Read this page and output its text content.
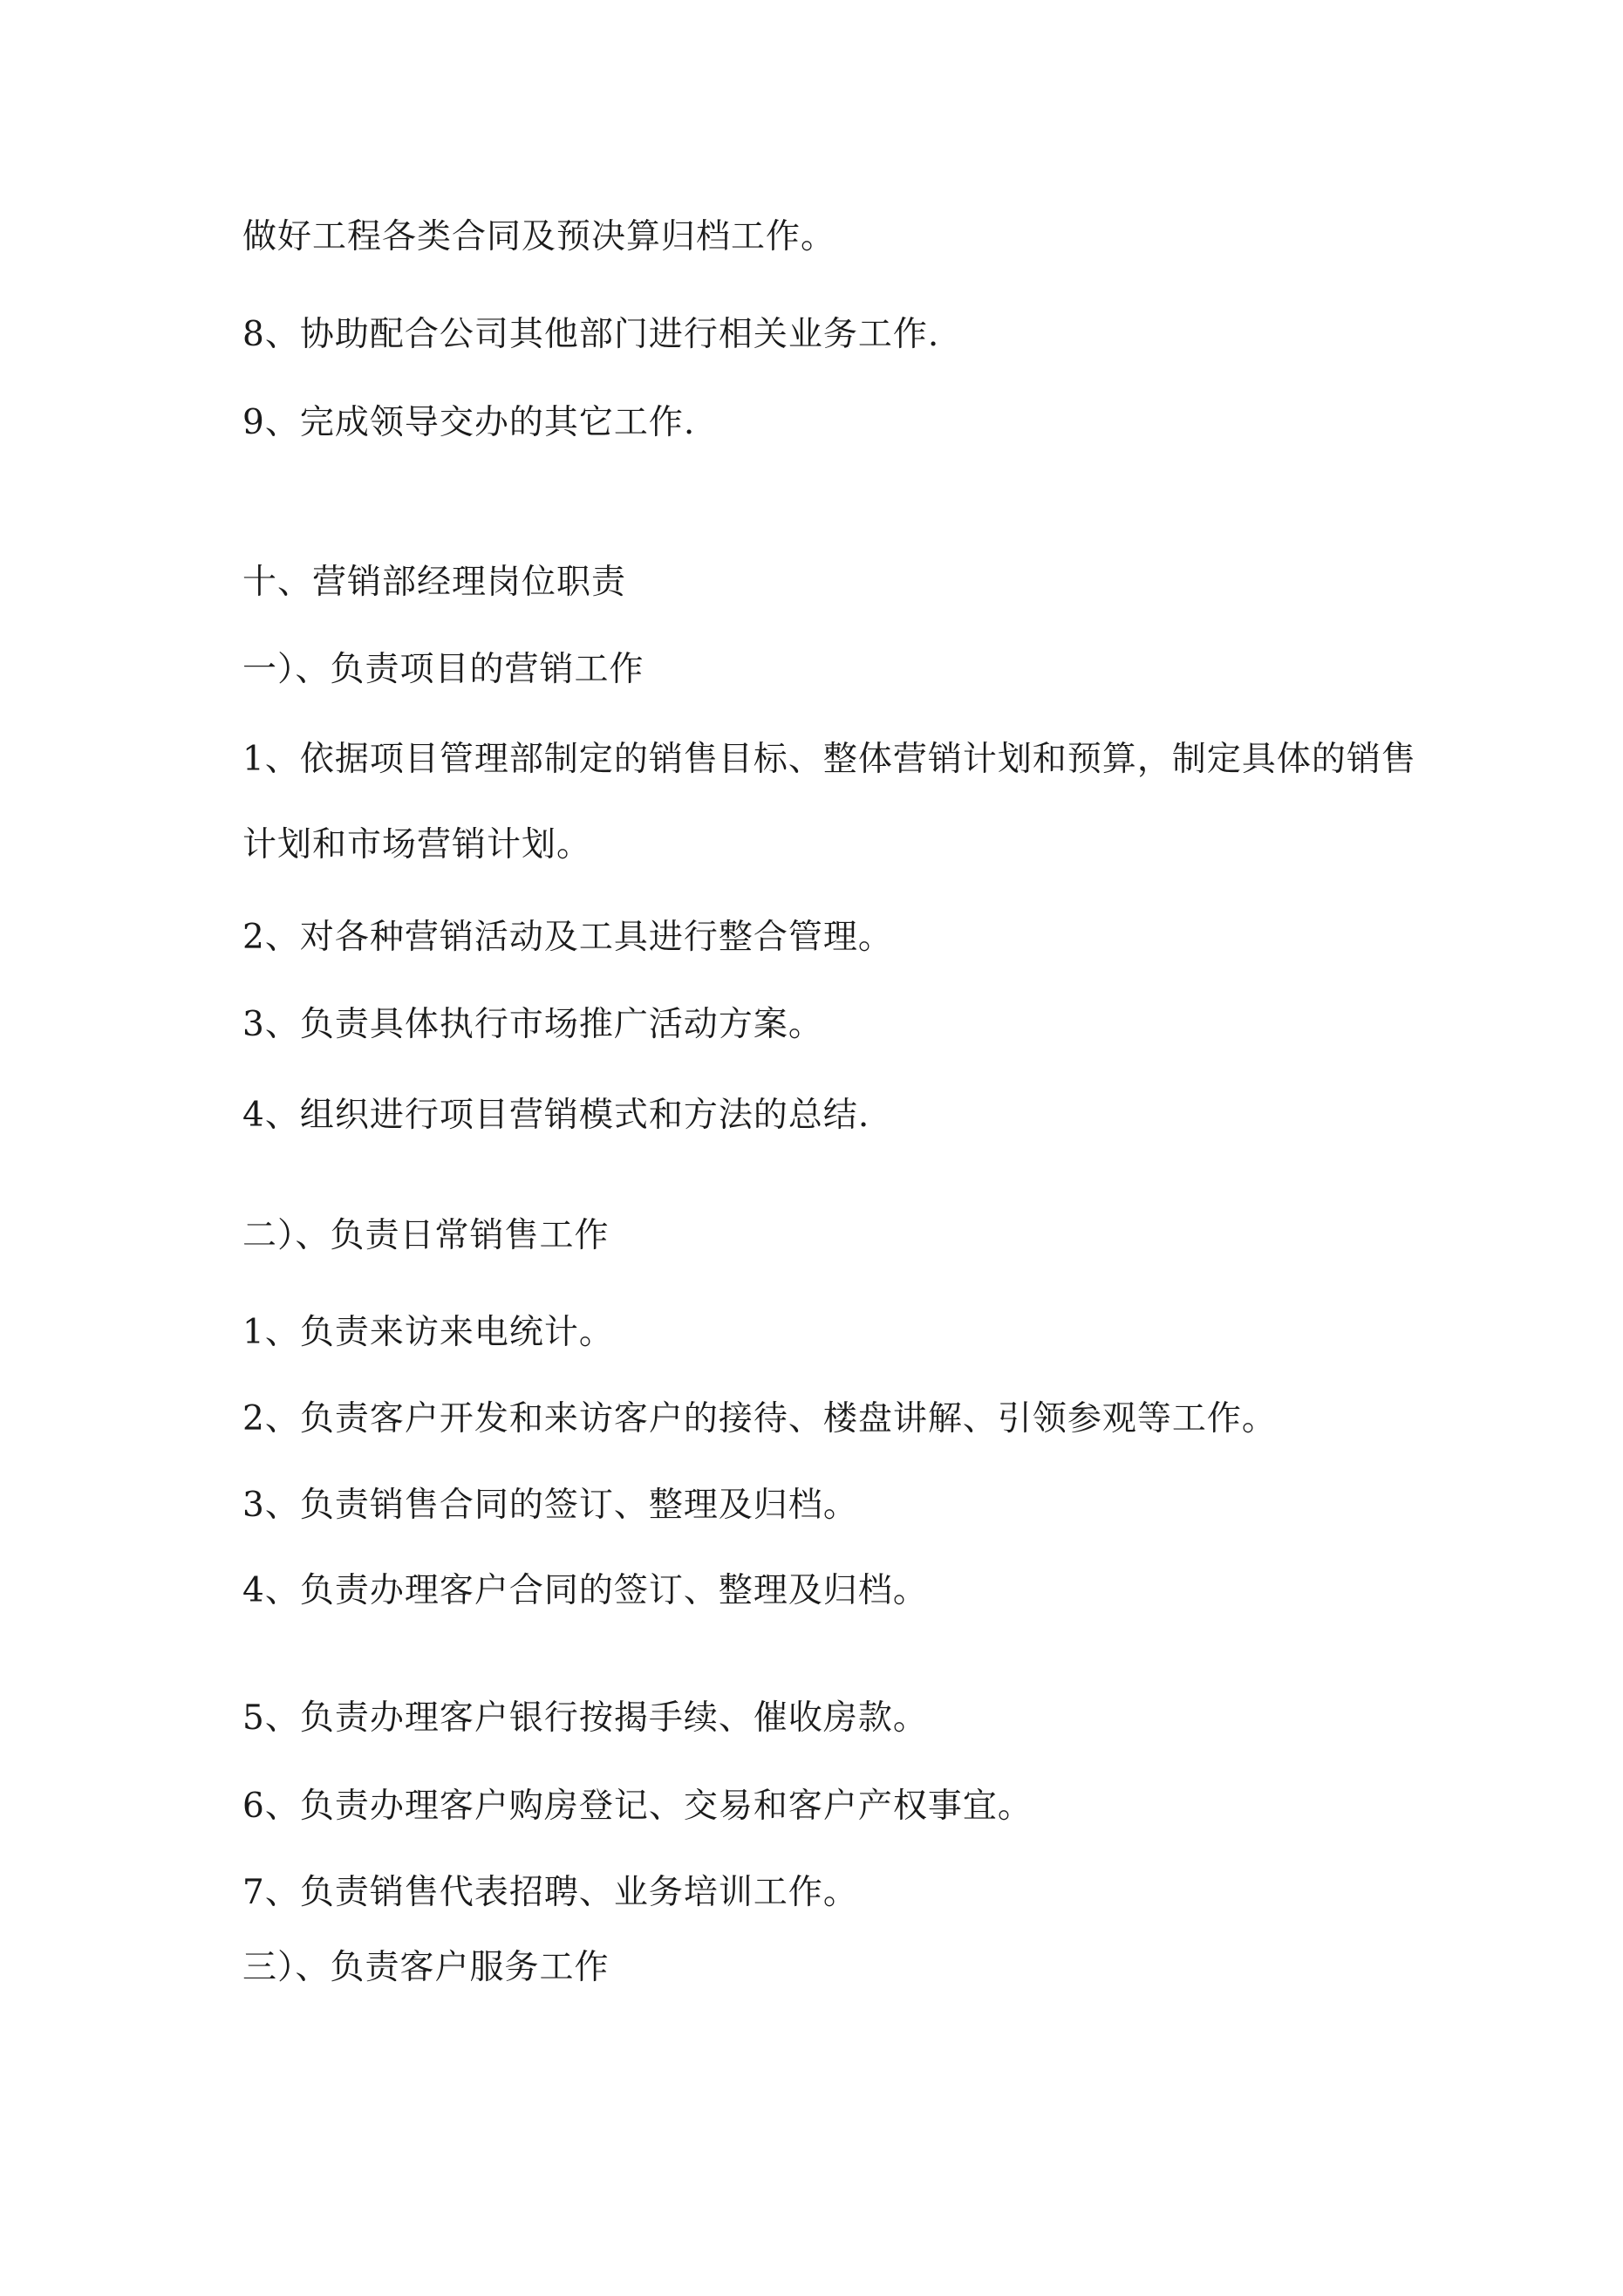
做好工程各类合同及预决算归档工作。
8、协助配合公司其他部门进行相关业务工作.
9、完成领导交办的其它工作.
十、营销部经理岗位职责
一）、负责项目的营销工作
1、依据项目管理部制定的销售目标、整体营销计划和预算，制定具体的销售
计划和市场营销计划。
2、对各种营销活动及工具进行整合管理。
3、负责具体执行市场推广活动方案。
4、组织进行项目营销模式和方法的总结.
二）、负责日常销售工作
1、负责来访来电统计。
2、负责客户开发和来访客户的接待、楼盘讲解、引领参观等工作。
3、负责销售合同的签订、整理及归档。
4、负责办理客户合同的签订、整理及归档。
5、负责办理客户银行按揭手续、催收房款。
6、负责办理客户购房登记、交易和客户产权事宜。
7、负责销售代表招聘、业务培训工作。
三）、负责客户服务工作
